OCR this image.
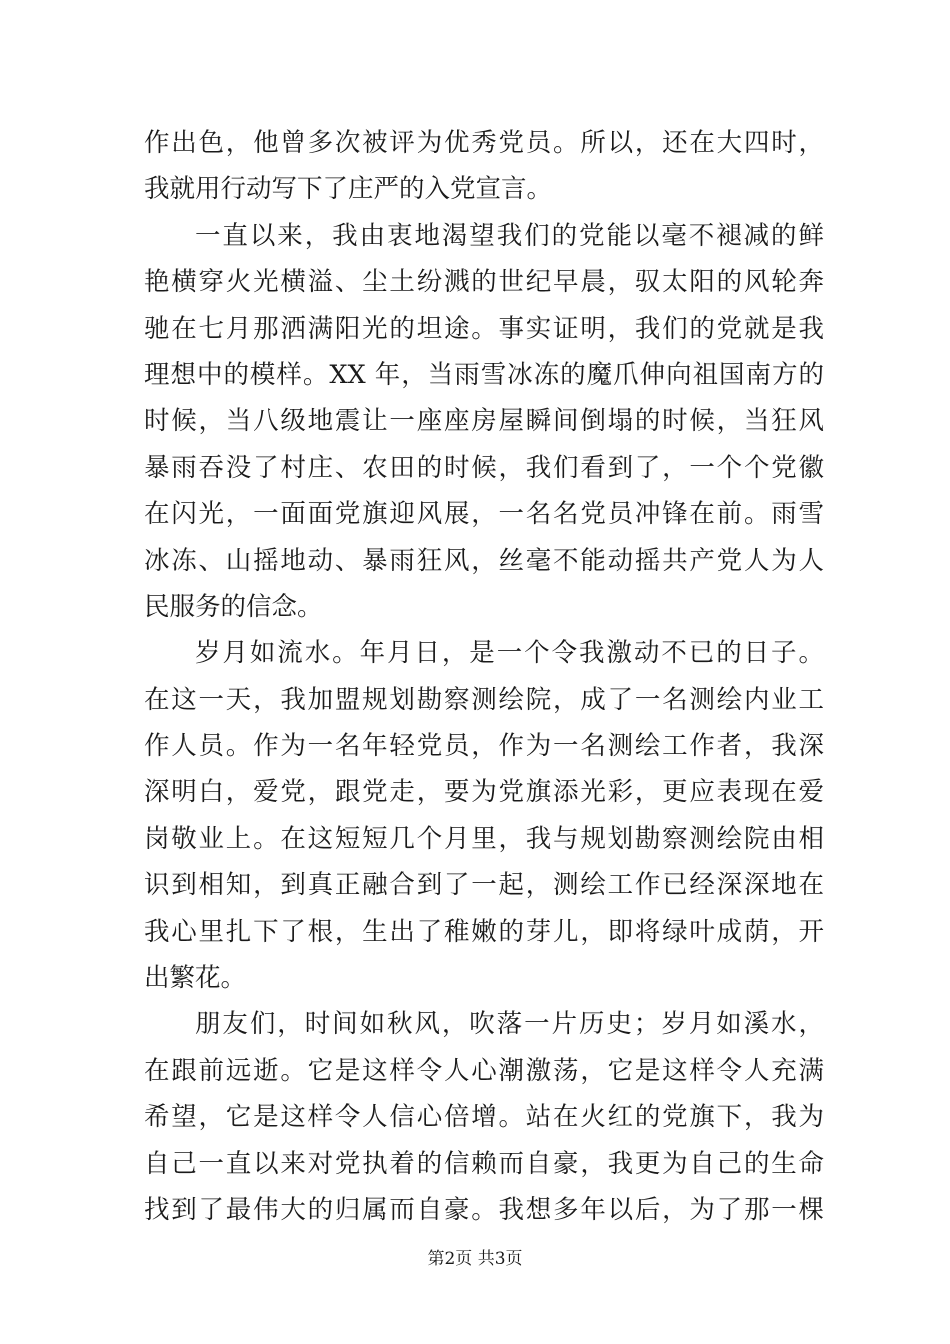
作出色，他曾多次被评为优秀党员。所以，还在大四时，
我就用行动写下了庄严的入党宣言。
一直以来，我由衷地渴望我们的党能以毫不褪减的鲜
艳横穿火光横溢、尘土纷溅的世纪早晨，驭太阳的风轮奔
驰在七月那洒满阳光的坦途。事实证明，我们的党就是我
理想中的模样。XX 年，当雨雪冰冻的魔爪伸向祖国南方的
时候，当八级地震让一座座房屋瞬间倒塌的时候，当狂风
暴雨吞没了村庄、农田的时候，我们看到了，一个个党徽
在闪光，一面面党旗迎风展，一名名党员冲锋在前。雨雪
冰冻、山摇地动、暴雨狂风，丝毫不能动摇共产党人为人
民服务的信念。
岁月如流水。年月日，是一个令我激动不已的日子。
在这一天，我加盟规划勘察测绘院，成了一名测绘内业工
作人员。作为一名年轻党员，作为一名测绘工作者，我深
深明白，爱党，跟党走，要为党旗添光彩，更应表现在爱
岗敬业上。在这短短几个月里，我与规划勘察测绘院由相
识到相知，到真正融合到了一起，测绘工作已经深深地在
我心里扎下了根，生出了稚嫩的芽儿，即将绿叶成荫，开
出繁花。
朋友们，时间如秋风，吹落一片历史；岁月如溪水，
在跟前远逝。它是这样令人心潮激荡，它是这样令人充满
希望，它是这样令人信心倍增。站在火红的党旗下，我为
自己一直以来对党执着的信赖而自豪，我更为自己的生命
找到了最伟大的归属而自豪。我想多年以后，为了那一棵
第2页 共3页
